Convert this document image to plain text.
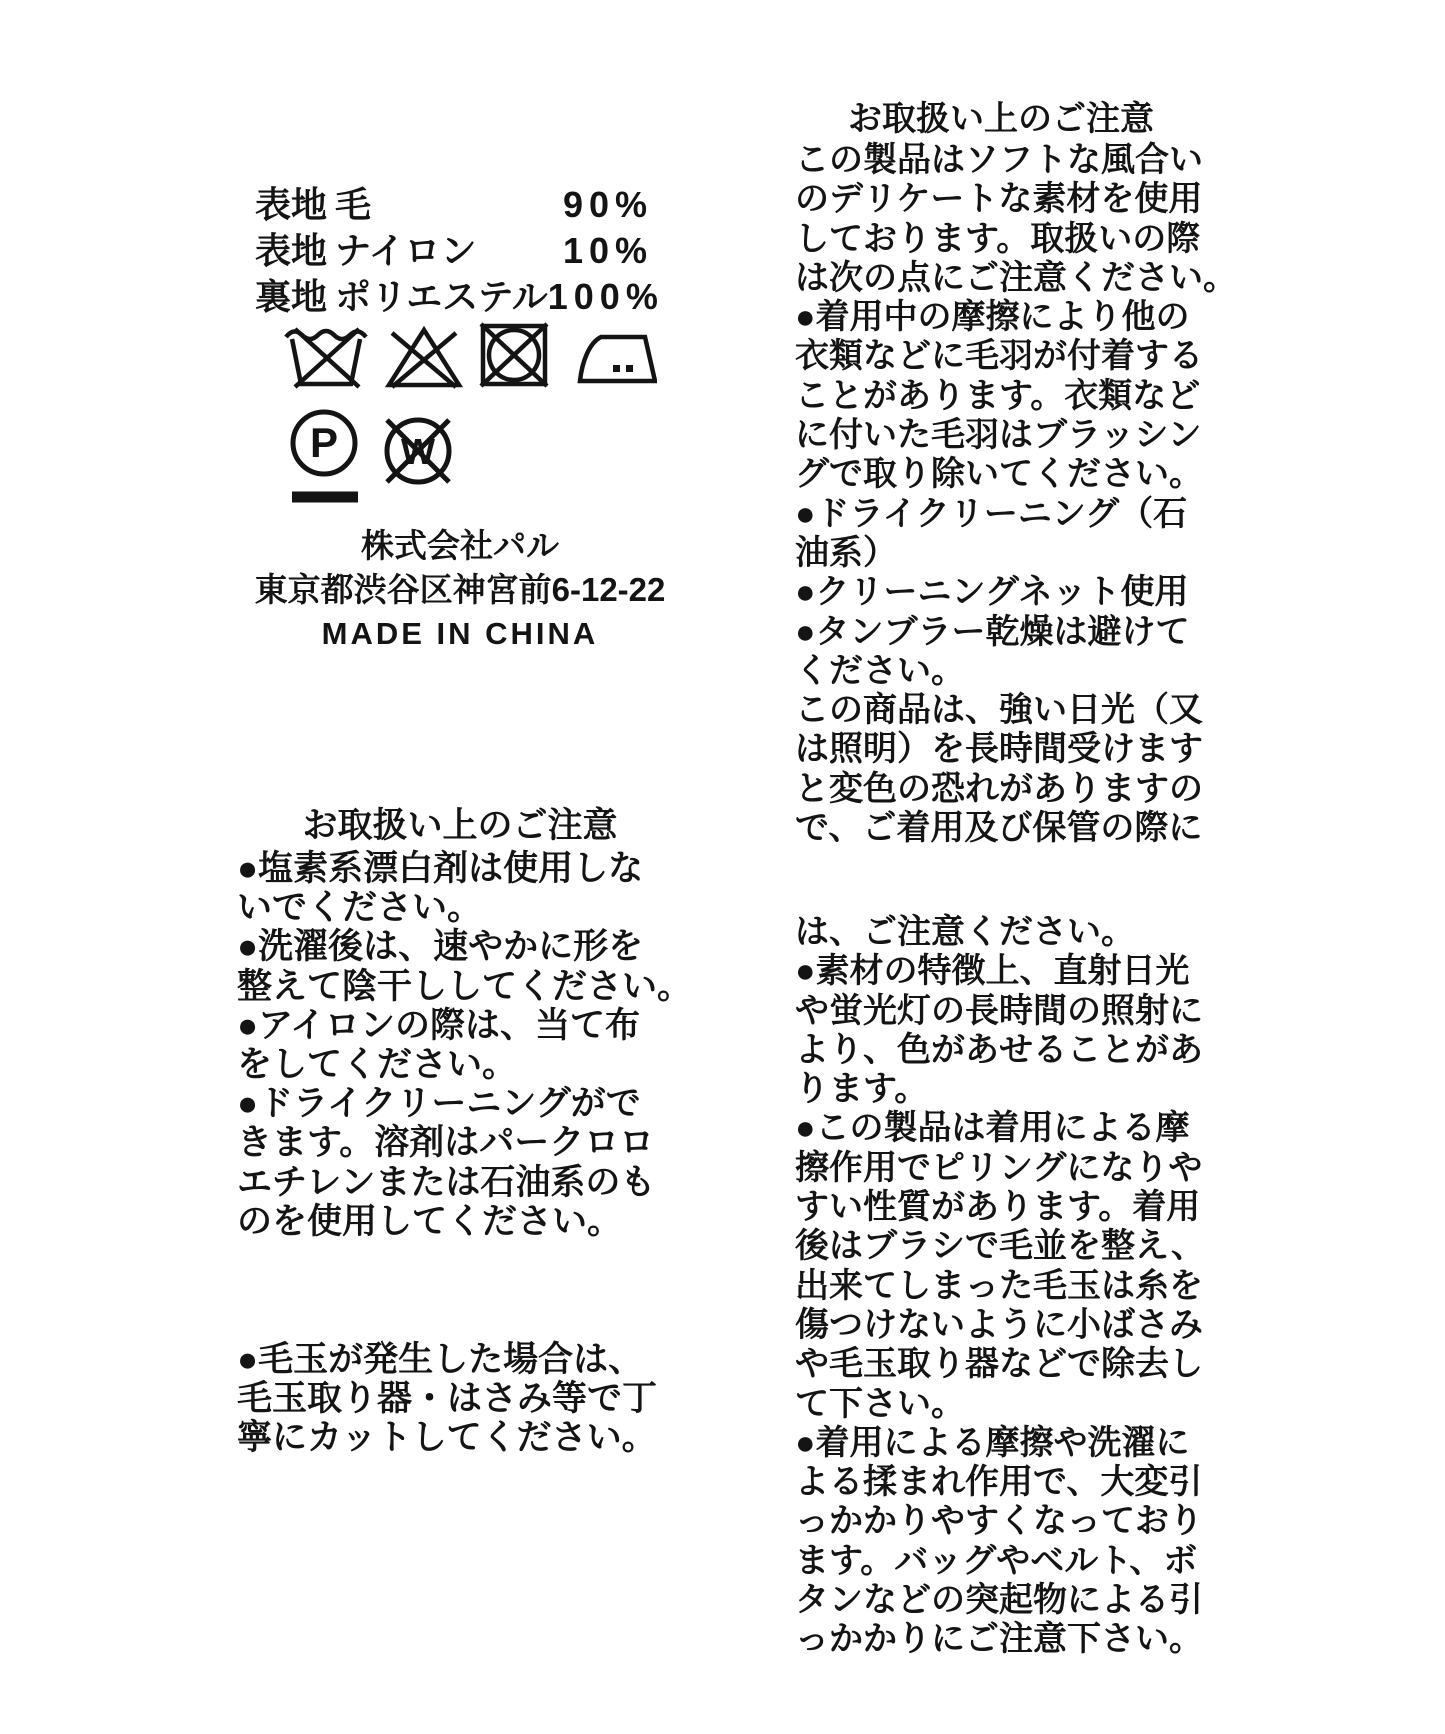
表地 毛	90%
表地 ナイロン	10%
裏地 ポリエステル 100%
P W
株式会社パル
東京都渋谷区神宮前6-12-22
MADE IN CHINA
お取扱い上のご注意
●塩素系漂白剤は使用しな
いでください。
●洗濯後は、速やかに形を
整えて陰干ししてください。
●アイロンの際は、当て布
をしてください。
●ドライクリーニングがで
きます。溶剤はパークロロ
エチレンまたは石油系のも
のを使用してください。
●毛玉が発生した場合は、
毛玉取り器・はさみ等で丁
寧にカットしてください。
お取扱い上のご注意
この製品はソフトな風合い
のデリケートな素材を使用
しております。取扱いの際
は次の点にご注意ください。
●着用中の摩擦により他の
衣類などに毛羽が付着する
ことがあります。衣類など
に付いた毛羽はブラッシン
グで取り除いてください。
●ドライクリーニング（石
油系）
●クリーニングネット使用
●タンブラー乾燥は避けて
ください。
この商品は、強い日光（又
は照明）を長時間受けます
と変色の恐れがありますの
で、ご着用及び保管の際に
は、ご注意ください。
●素材の特徴上、直射日光
や蛍光灯の長時間の照射に
より、色があせることがあ
ります。
●この製品は着用による摩
擦作用でピリングになりや
すい性質があります。着用
後はブラシで毛並を整え、
出来てしまった毛玉は糸を
傷つけないように小ばさみ
や毛玉取り器などで除去し
て下さい。
●着用による摩擦や洗濯に
よる揉まれ作用で、大変引
っかかりやすくなっており
ます。バッグやベルト、ボ
タンなどの突起物による引
っかかりにご注意下さい。
